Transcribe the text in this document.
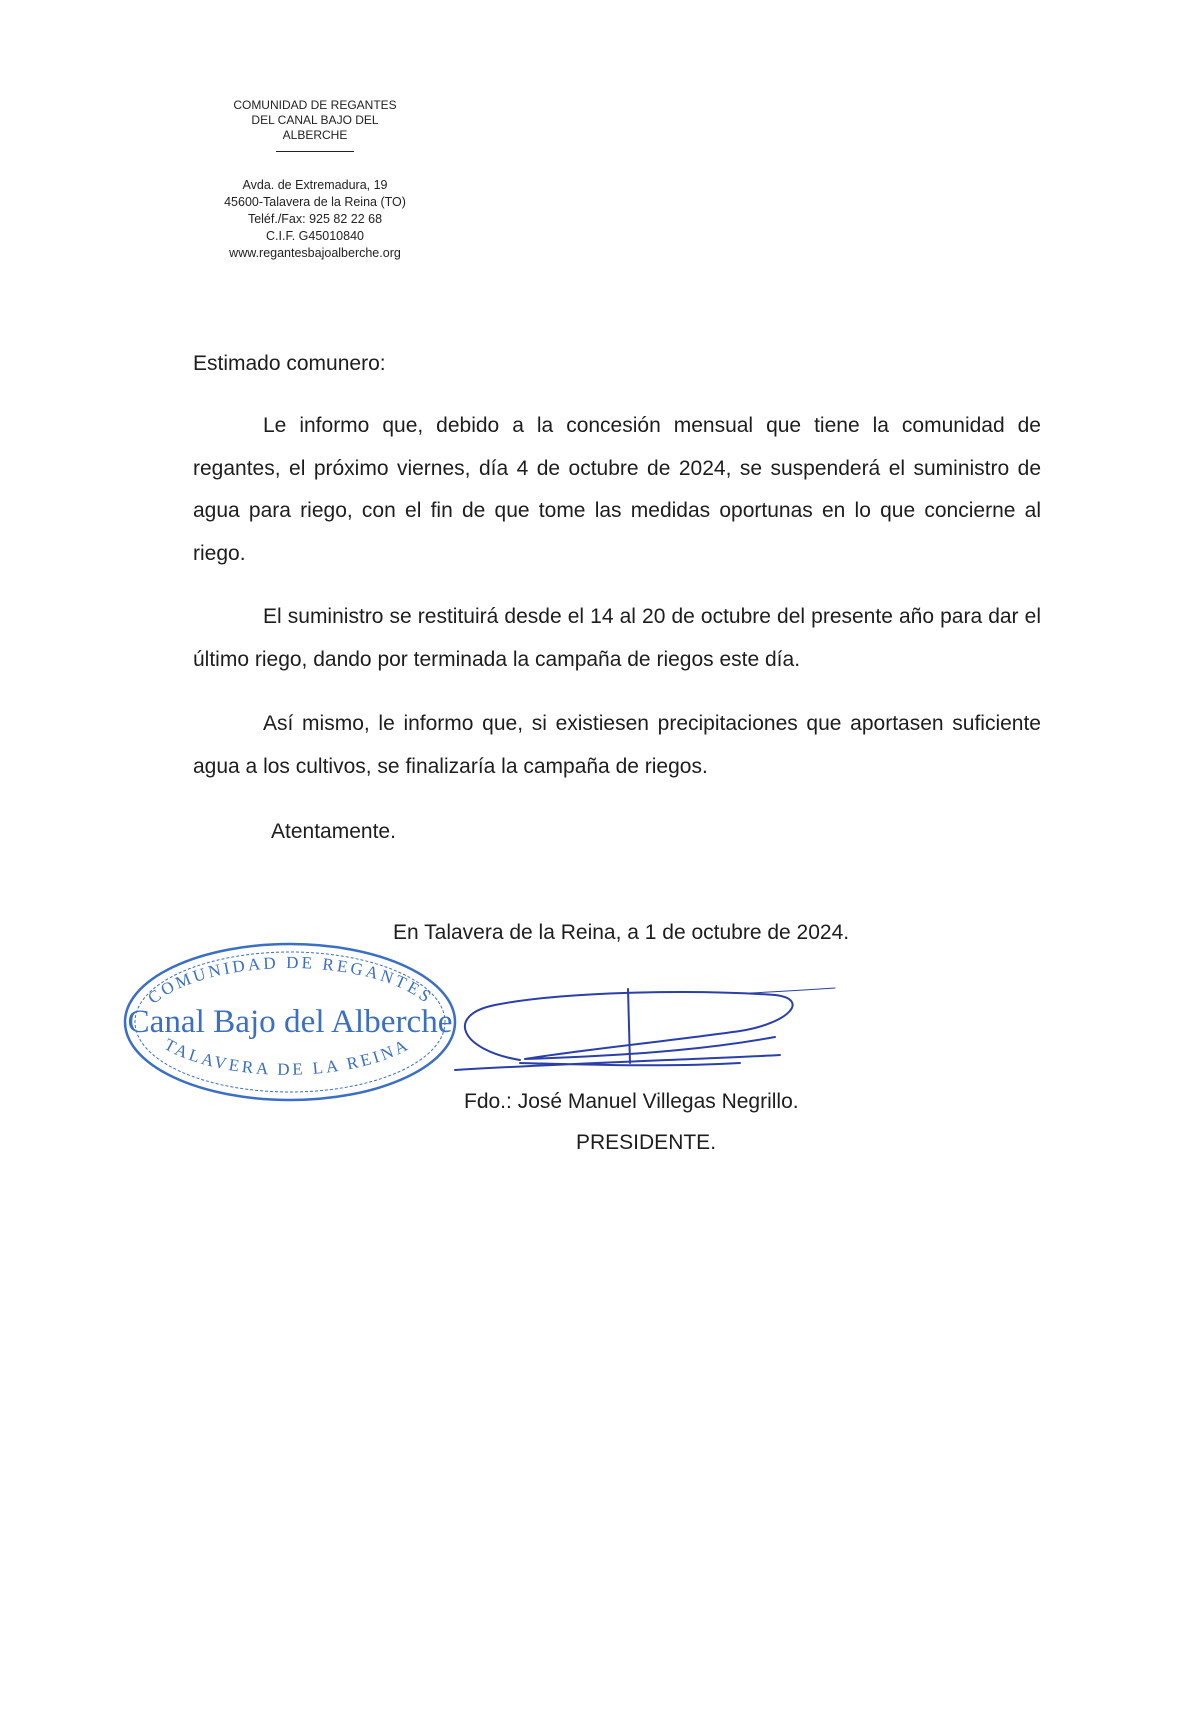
COMUNIDAD DE REGANTES
DEL CANAL BAJO DEL
ALBERCHE
Avda. de Extremadura, 19
45600-Talavera de la Reina (TO)
Teléf./Fax: 925 82 22 68
C.I.F. G45010840
www.regantesbajoalberche.org
Estimado comunero:

Le informo que, debido a la concesión mensual que tiene la comunidad de regantes, el próximo viernes, día 4 de octubre de 2024, se suspenderá el suministro de agua para riego, con el fin de que tome las medidas oportunas en lo que concierne al riego.

El suministro se restituirá desde el 14 al 20 de octubre del presente año para dar el último riego, dando por terminada la campaña de riegos este día.

Así mismo, le informo que, si existiesen precipitaciones que aportasen suficiente agua a los cultivos, se finalizaría la campaña de riegos.

Atentamente.
En Talavera de la Reina, a 1 de octubre de 2024.
COMUNIDAD DE REGANTES
Canal Bajo del Alberche
TALAVERA DE LA REINA
Fdo.: José Manuel Villegas Negrillo.
PRESIDENTE.
